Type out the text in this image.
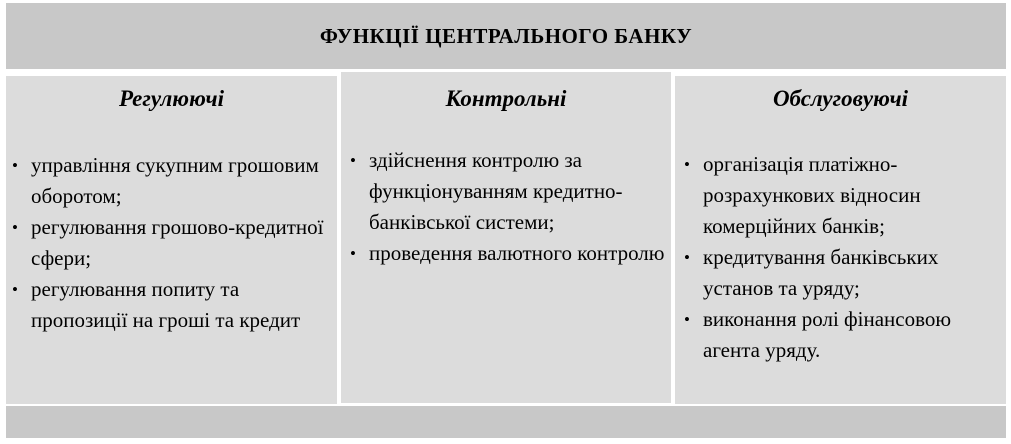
ФУНКЦІЇ ЦЕНТРАЛЬНОГО БАНКУ
Регулюючі
• управління сукупним грошовим оборотом;
• регулювання грошово-кредитної сфери;
• регулювання попиту та пропозиції на гроші та кредит
Контрольні
• здійснення контролю за функціонуванням кредитно-банківської системи;
• проведення валютного контролю
Обслуговуючі
• організація платіжно-розрахункових відносин комерційних банків;
• кредитування банківських установ та уряду;
• виконання ролі фінансовою агента уряду.
